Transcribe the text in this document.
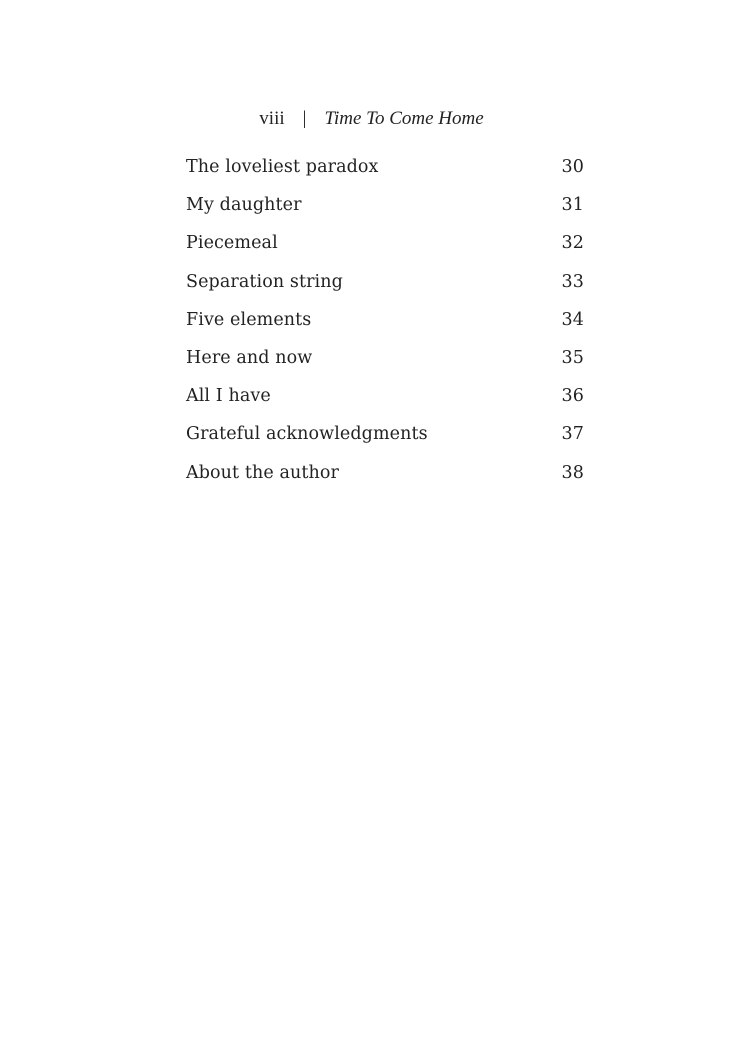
viii | Time To Come Home
The loveliest paradox	30
My daughter	31
Piecemeal	32
Separation string	33
Five elements	34
Here and now	35
All I have	36
Grateful acknowledgments	37
About the author	38
